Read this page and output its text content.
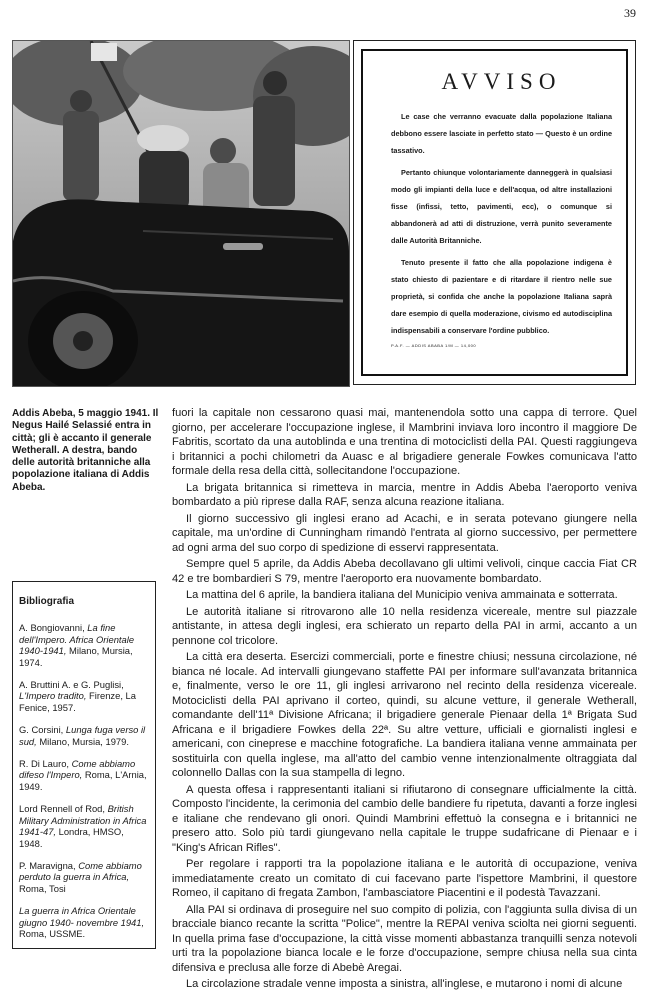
39
AVVISO

Le case che verranno evacuate dalla popolazione Italiana debbono essere lasciate in perfetto stato — Questo è un ordine tassativo.

Pertanto chiunque volontariamente danneggerà in qualsiasi modo gli impianti della luce e dell'acqua, od altre installazioni fisse (infissi, tetto, pavimenti, ecc), o comunque si abbandonerà ad atti di distruzione, verrà punito severamente dalle Autorità Britanniche.

Tenuto presente il fatto che alla popolazione indigena è stato chiesto di pazientare e di ritardare il rientro nelle sue proprietà, si confida che anche la popolazione Italiana saprà dare esempio di quella moderazione, civismo ed autodisciplina indispensabili a conservare l'ordine pubblico.

P.A.F. — ADDIS ABABA 1/M — 14,000
Addis Abeba, 5 maggio 1941. Il Negus Hailé Selassié entra in città; gli è accanto il generale Wetherall. A destra, bando delle autorità britanniche alla popolazione italiana di Addis Abeba.
Bibliografia
A. Bongiovanni, La fine dell'Impero. Africa Orientale 1940-1941, Milano, Mursia, 1974.
A. Bruttini A. e G. Puglisi, L'Impero tradito, Firenze, La Fenice, 1957.
G. Corsini, Lunga fuga verso il sud, Milano, Mursia, 1979.
R. Di Lauro, Come abbiamo difeso l'Impero, Roma, L'Arnia, 1949.
Lord Rennell of Rod, British Military Administration in Africa 1941-47, Londra, HMSO, 1948.
P. Maravigna, Come abbiamo perduto la guerra in Africa, Roma, Tosi
La guerra in Africa Orientale giugno 1940- novembre 1941, Roma, USSME.

fuori la capitale non cessarono quasi mai, mantenendola sotto una cappa di terrore. Quel giorno, per accelerare l'occupazione inglese, il Mambrini inviava loro incontro il maggiore De Fabritis, scortato da una autoblinda e una trentina di motociclisti della PAI. Questi raggiungeva i britannici a pochi chilometri da Auasc e al brigadiere generale Fowkes comunicava l'atto formale della resa della città, sollecitandone l'occupazione.

La brigata britannica si rimetteva in marcia, mentre in Addis Abeba l'aeroporto veniva bombardato a più riprese dalla RAF, senza alcuna reazione italiana.

Il giorno successivo gli inglesi erano ad Acachi, e in serata potevano giungere nella capitale, ma un'ordine di Cunningham rimandò l'entrata al giorno successivo, per permettere ad ogni arma del suo corpo di spedizione di esservi rappresentata.

Sempre quel 5 aprile, da Addis Abeba decollavano gli ultimi velivoli, cinque caccia Fiat CR 42 e tre bombardieri S 79, mentre l'aeroporto era nuovamente bombardato.

La mattina del 6 aprile, la bandiera italiana del Municipio veniva ammainata e sotterrata.

Le autorità italiane si ritrovarono alle 10 nella residenza vicereale, mentre sul piazzale antistante, in attesa degli inglesi, era schierato un reparto della PAI in armi, accanto a un pennone col tricolore.

La città era deserta. Esercizi commerciali, porte e finestre chiusi; nessuna circolazione, né bianca né locale. Ad intervalli giungevano staffette PAI per informare sull'avanzata britannica e, finalmente, verso le ore 11, gli inglesi arrivarono nel recinto della residenza vicereale. Motociclisti della PAI aprivano il corteo, quindi, su alcune vetture, il generale Wetherall, comandante dell'11ª Divisione Africana; il brigadiere generale Pienaar della 1ª Brigata Sud Africana e il brigadiere Fowkes della 22ª. Su altre vetture, ufficiali e giornalisti inglesi e americani, con cineprese e macchine fotografiche. La bandiera italiana venne ammainata per sostituirla con quella inglese, ma all'atto del cambio venne intenzionalmente oltraggiata dal colonnello Dallas con la sua stampella di legno.

A questa offesa i rappresentanti italiani si rifiutarono di consegnare ufficialmente la città. Composto l'incidente, la cerimonia del cambio delle bandiere fu ripetuta, davanti a forze inglesi e italiane che rendevano gli onori. Quindi Mambrini effettuò la consegna e i britannici ne presero atto. Solo più tardi giungevano nella capitale le truppe sudafricane di Pienaar e i "King's African Rifles".

Per regolare i rapporti tra la popolazione italiana e le autorità di occupazione, veniva immediatamente creato un comitato di cui facevano parte l'ispettore Mambrini, il questore Romeo, il capitano di fregata Zambon, l'ambasciatore Piacentini e il podestà Tavazzani.

Alla PAI si ordinava di proseguire nel suo compito di polizia, con l'aggiunta sulla divisa di un bracciale bianco recante la scritta "Police", mentre la REPAI veniva sciolta nei giorni seguenti. In quella prima fase d'occupazione, la città visse momenti abbastanza tranquilli senza notevoli urti tra la popolazione bianca locale e le forze d'occupazione, sempre chiusa nella sua cinta difensiva e preclusa alle forze di Abebè Aregai.

La circolazione stradale venne imposta a sinistra, all'inglese, e mutarono i nomi di alcune
